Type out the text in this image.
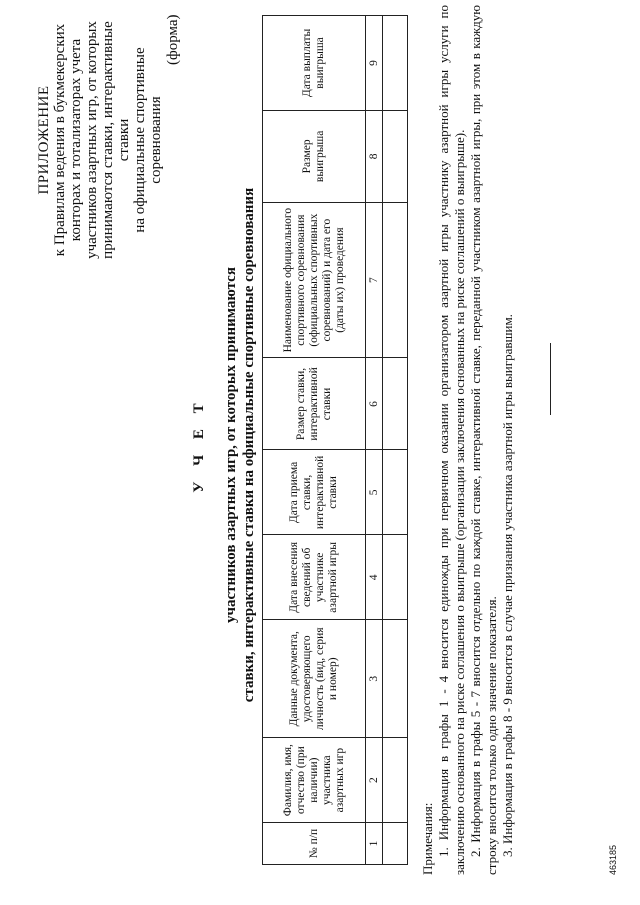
ПРИЛОЖЕНИЕ к Правилам ведения в букмекерских конторах и тотализаторах учета участников азартных игр, от которых принимаются ставки, интерактивные ставки на официальные спортивные соревнования
(форма)
У Ч Е Т участников азартных игр, от которых принимаются ставки, интерактивные ставки на официальные спортивные соревнования
№ п/п	Фамилия, имя, отчество (при наличии) участника азартных игр	Данные документа, удостоверяющего личность (вид, серия и номер)	Дата внесения сведений об участнике азартной игры	Дата приема ставки, интерактивной ставки	Размер ставки, интерактивной ставки	Наименование официального спортивного соревнования (официальных спортивных соревнований) и дата его (даты их) проведения	Размер выигрыша	Дата выплаты выигрыша
1	2	3	4	5	6	7	8	9

Примечания: 1. Информация в графы 1 - 4 вносится единожды при первичном оказании организатором азартной игры участнику азартной игры услуги по заключению основанного на риске соглашения о выигрыше (организации заключения основанных на риске соглашений о выигрыше). 2. Информация в графы 5 - 7 вносится отдельно по каждой ставке, интерактивной ставке, переданной участником азартной игры, при этом в каждую строку вносится только одно значение показателя. 3. Информация в графы 8 - 9 вносится в случае признания участника азартной игры выигравшим.

463185
